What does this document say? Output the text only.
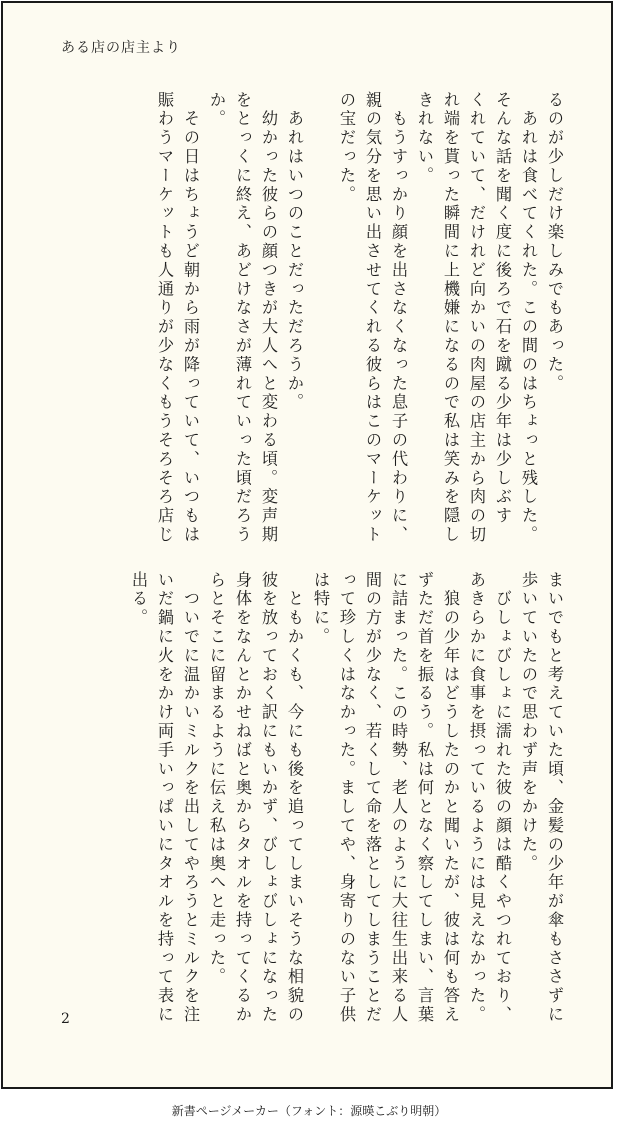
ある店の店主より
るのが少しだけ楽しみでもあった。
　あれは食べてくれた。この間のはちょっと残した。
そんな話を聞く度に後ろで石を蹴る少年は少しぶす
くれていて、だけれど向かいの肉屋の店主から肉の切
れ端を貰った瞬間に上機嫌になるので私は笑みを隠し
きれない。
　もうすっかり顔を出さなくなった息子の代わりに、
親の気分を思い出させてくれる彼らはこのマーケット
の宝だった。

　あれはいつのことだっただろうか。
　幼かった彼らの顔つきが大人へと変わる頃。変声期
をとっくに終え、あどけなさが薄れていった頃だろう
か。
　その日はちょうど朝から雨が降っていて、いつもは
賑わうマーケットも人通りが少なくもうそろそろ店じ
まいでもと考えていた頃、金髪の少年が傘もささずに
歩いていたので思わず声をかけた。
　びしょびしょに濡れた彼の顔は酷くやつれており、
あきらかに食事を摂っているようには見えなかった。
　狼の少年はどうしたのかと聞いたが、彼は何も答え
ずただ首を振るう。私は何となく察してしまい、言葉
に詰まった。この時勢、老人のように大往生出来る人
間の方が少なく、若くして命を落としてしまうことだ
って珍しくはなかった。ましてや、身寄りのない子供
は特に。
　ともかくも、今にも後を追ってしまいそうな相貌の
彼を放っておく訳にもいかず、びしょびしょになった
身体をなんとかせねばと奥からタオルを持ってくるか
らとそこに留まるように伝え私は奥へと走った。
　ついでに温かいミルクを出してやろうとミルクを注
いだ鍋に火をかけ両手いっぱいにタオルを持って表に
出る。
2
新書ページメーカー（フォント：源暎こぶり明朝）
